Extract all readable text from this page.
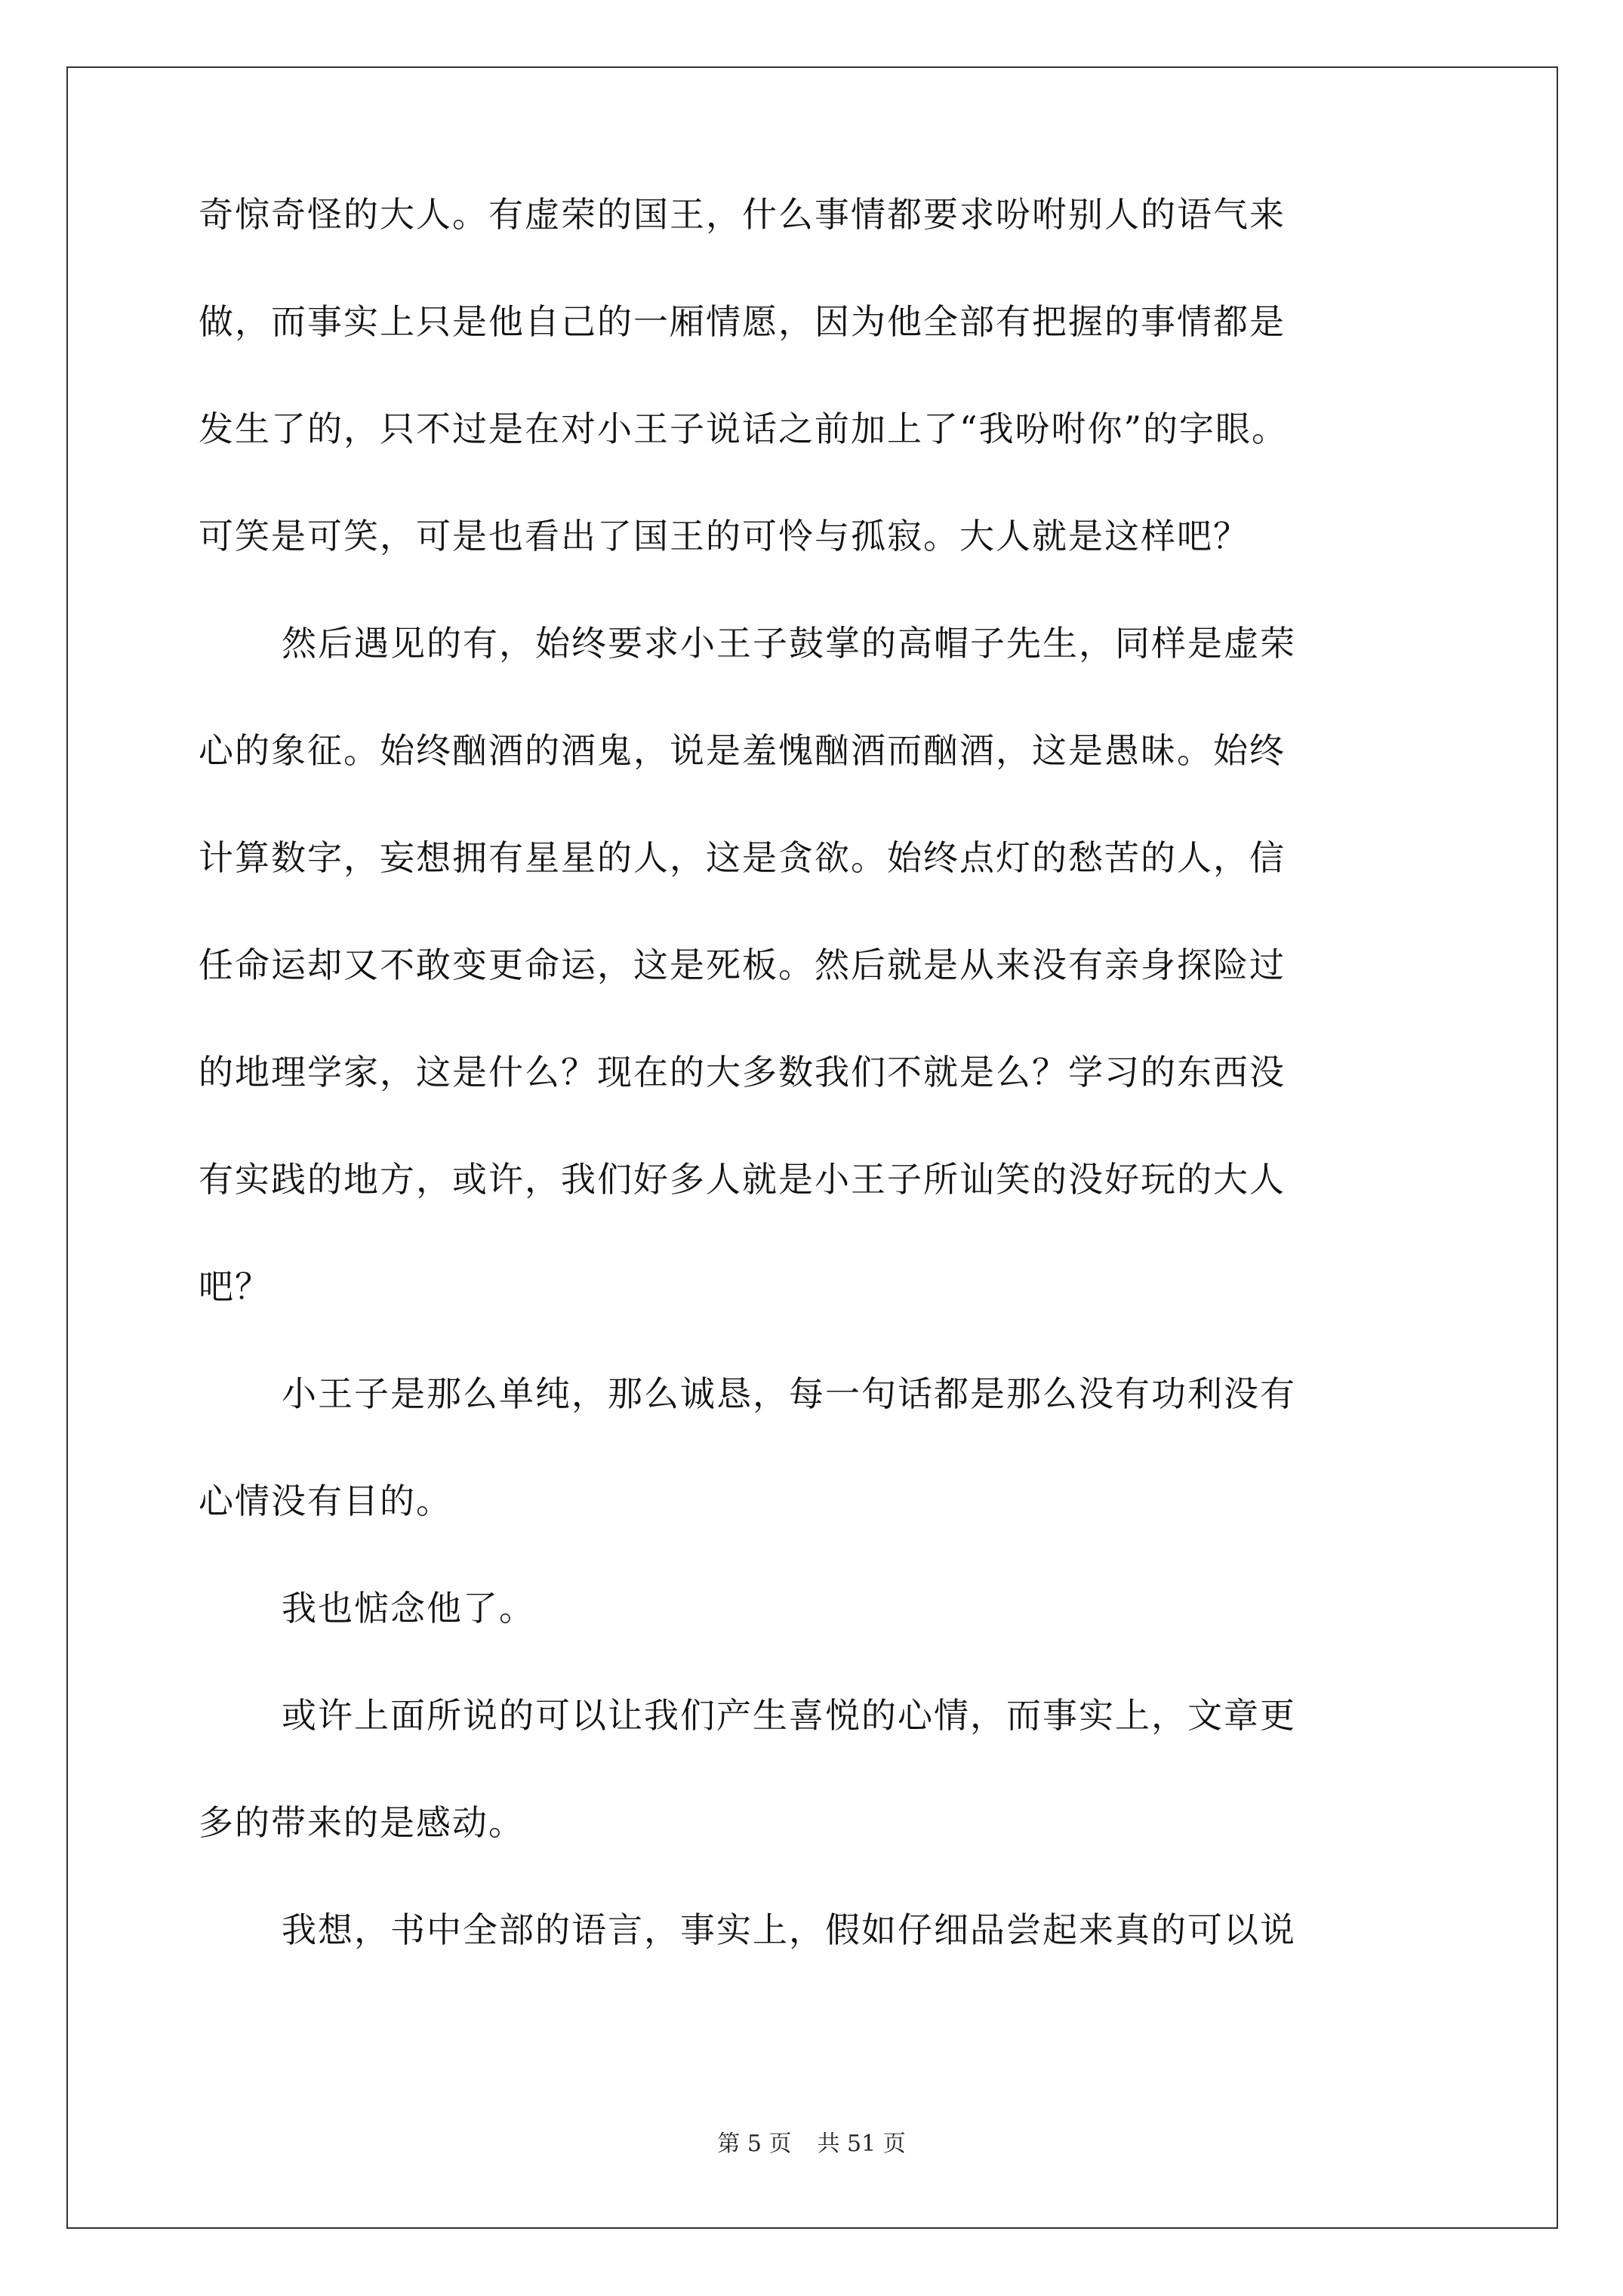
奇惊奇怪的大人。有虚荣的国王，什么事情都要求吩咐别人的语气来
做，而事实上只是他自己的一厢情愿，因为他全部有把握的事情都是
发生了的，只不过是在对小王子说话之前加上了“我吩咐你”的字眼。
可笑是可笑，可是也看出了国王的可怜与孤寂。大人就是这样吧？
然后遇见的有，始终要求小王子鼓掌的高帽子先生，同样是虚荣
心的象征。始终酗酒的酒鬼，说是羞愧酗酒而酗酒，这是愚昧。始终
计算数字，妄想拥有星星的人，这是贪欲。始终点灯的愁苦的人，信
任命运却又不敢变更命运，这是死板。然后就是从来没有亲身探险过
的地理学家，这是什么？现在的大多数我们不就是么？学习的东西没
有实践的地方，或许，我们好多人就是小王子所讪笑的没好玩的大人
吧？
小王子是那么单纯，那么诚恳，每一句话都是那么没有功利没有
心情没有目的。
我也惦念他了。
或许上面所说的可以让我们产生喜悦的心情，而事实上，文章更
多的带来的是感动。
我想，书中全部的语言，事实上，假如仔细品尝起来真的可以说
第 5 页 共 51 页
